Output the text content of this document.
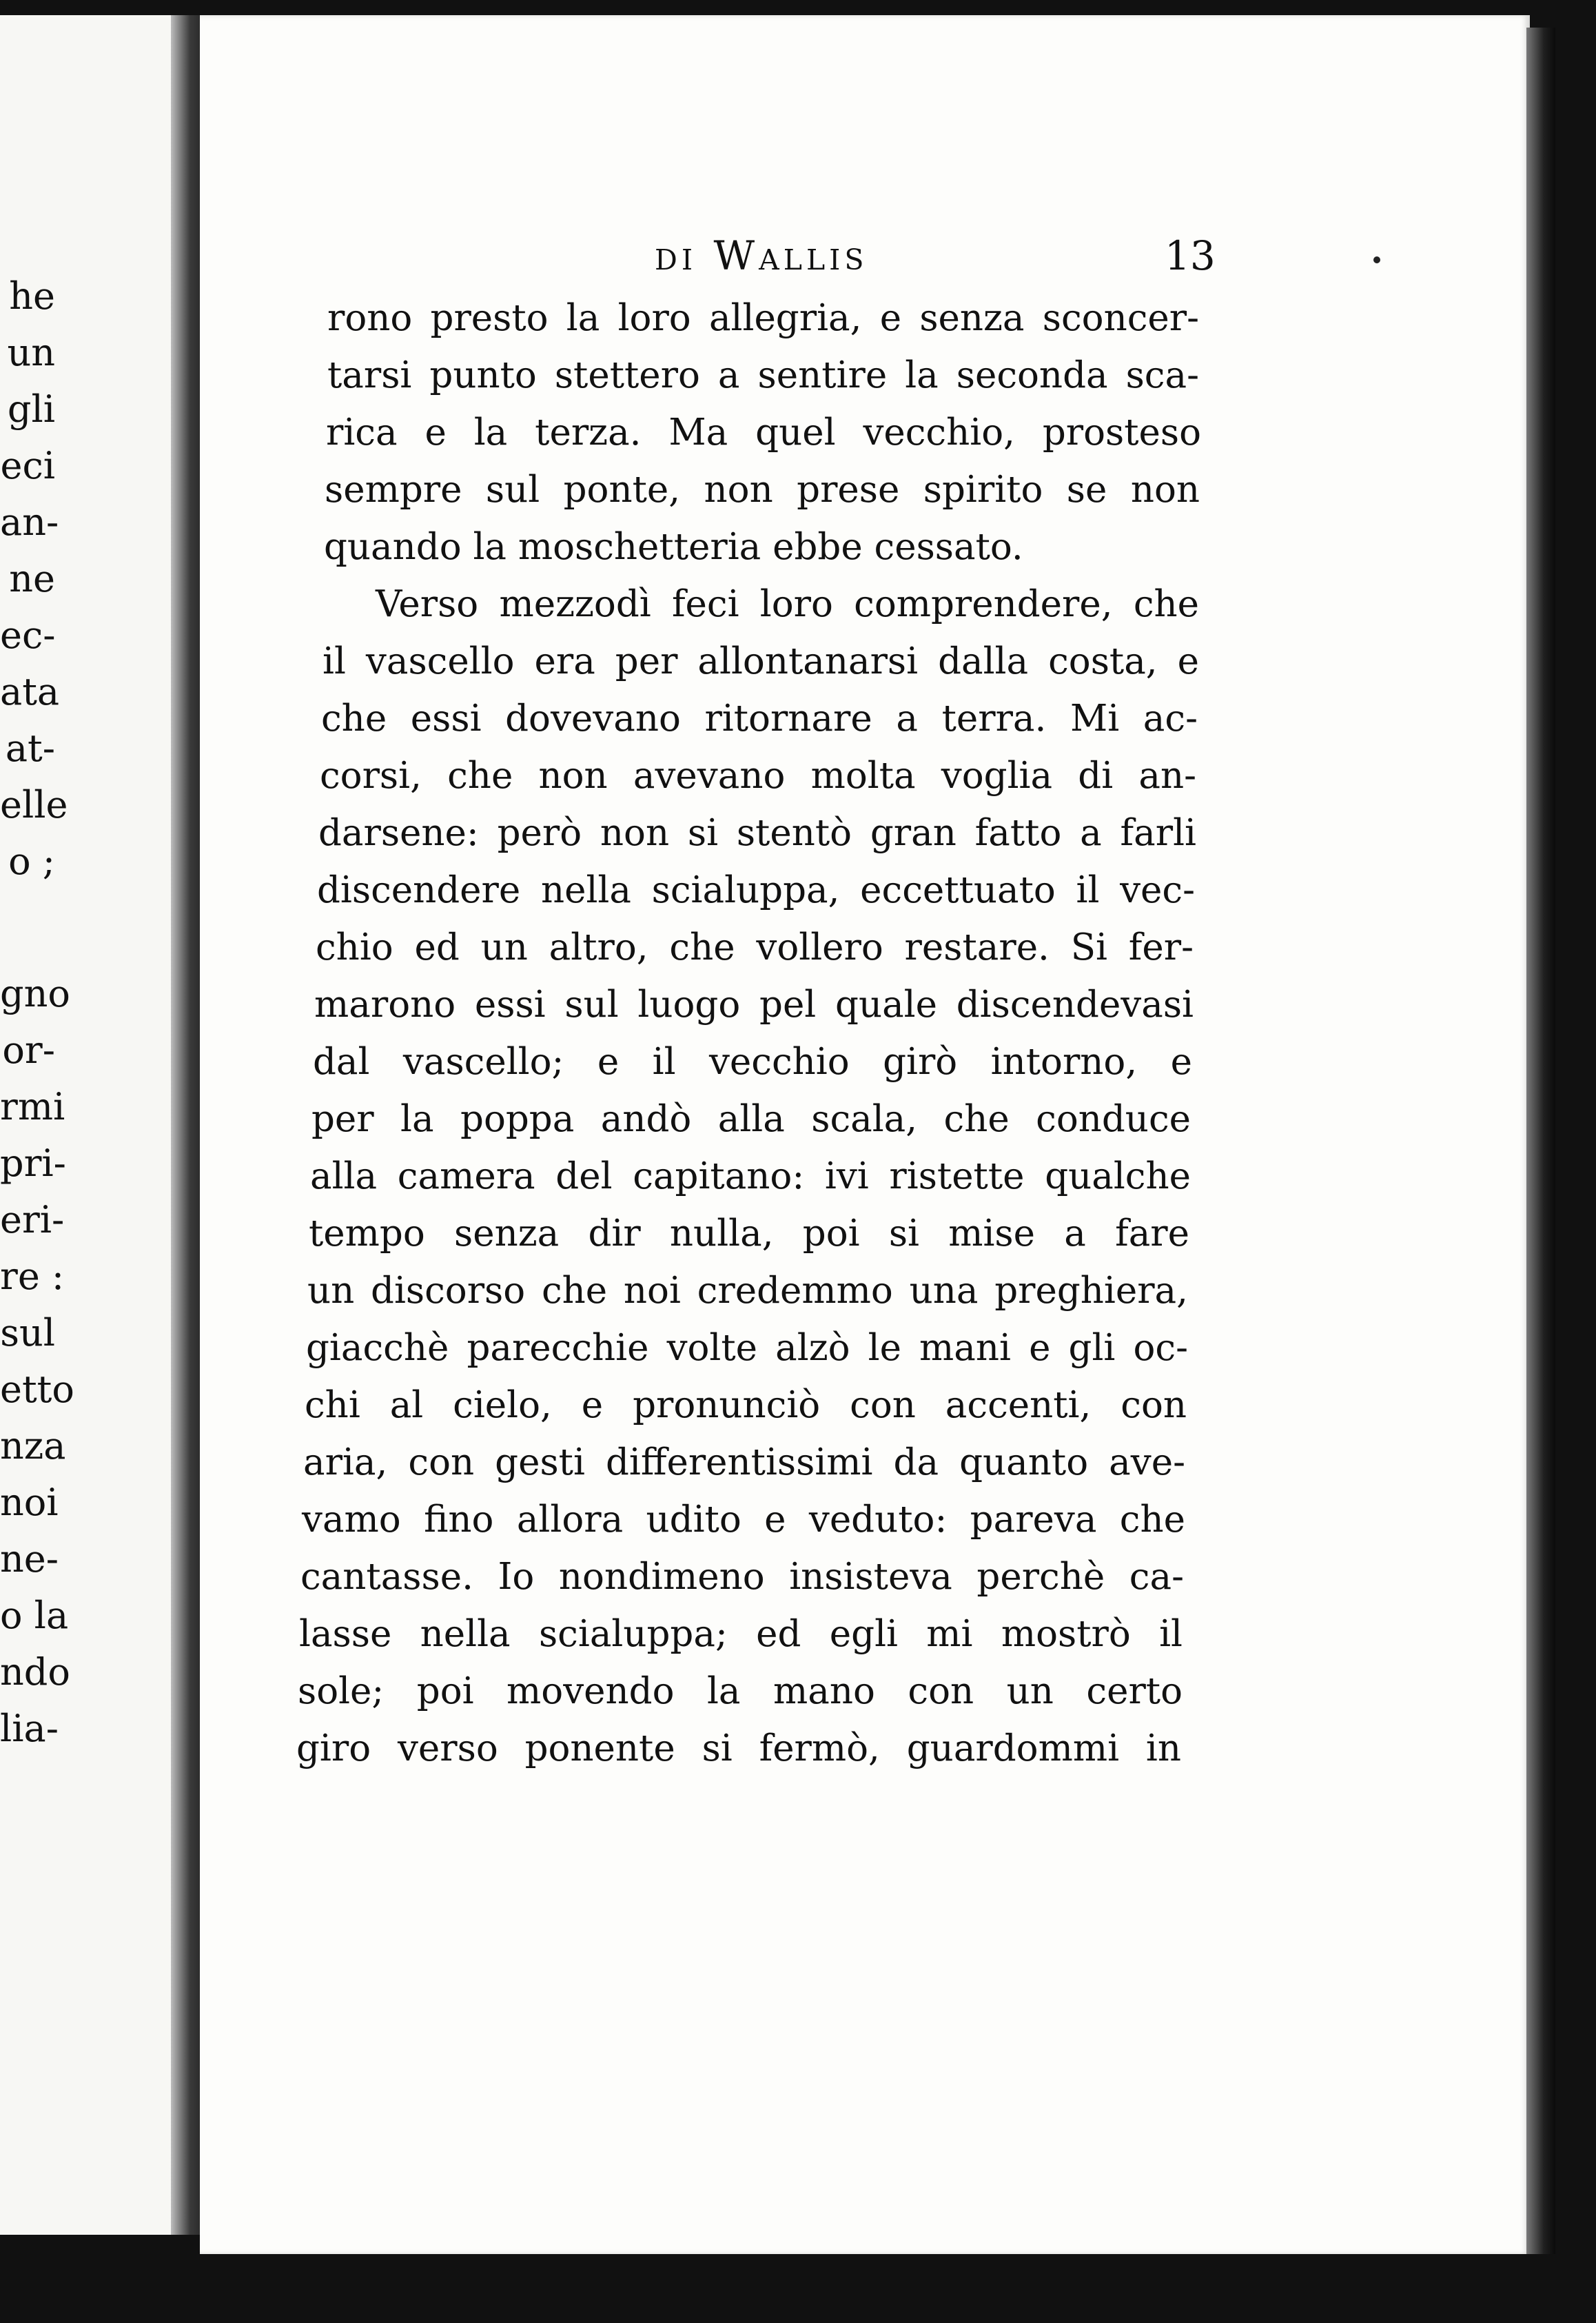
he
un
gli
eci
an-
ne
ec-
ata
at-
elle
o ;
gno
or-
rmi
pri-
eri-
re :
sul
etto
nza
noi
ne-
o la
ndo
lia-
di Wallis	13
rono presto la loro allegria, e senza sconcer-
tarsi punto stettero a sentire la seconda sca-
rica e la terza. Ma quel vecchio, prosteso
sempre sul ponte, non prese spirito se non
quando la moschetteria ebbe cessato.
Verso mezzodì feci loro comprendere, che
il vascello era per allontanarsi dalla costa, e
che essi dovevano ritornare a terra. Mi ac-
corsi, che non avevano molta voglia di an-
darsene: però non si stentò gran fatto a farli
discendere nella scialuppa, eccettuato il vec-
chio ed un altro, che vollero restare. Si fer-
marono essi sul luogo pel quale discendevasi
dal vascello; e il vecchio girò intorno, e
per la poppa andò alla scala, che conduce
alla camera del capitano: ivi ristette qualche
tempo senza dir nulla, poi si mise a fare
un discorso che noi credemmo una preghiera,
giacchè parecchie volte alzò le mani e gli oc-
chi al cielo, e pronunciò con accenti, con
aria, con gesti differentissimi da quanto ave-
vamo fino allora udito e veduto: pareva che
cantasse. Io nondimeno insisteva perchè ca-
lasse nella scialuppa; ed egli mi mostrò il
sole; poi movendo la mano con un certo
giro verso ponente si fermò, guardommi in
